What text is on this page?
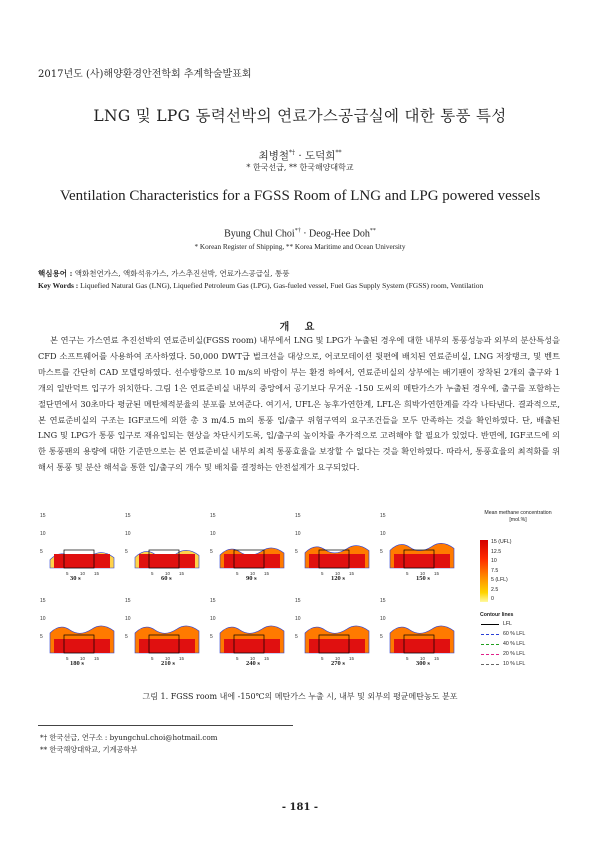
2017년도 (사)해양환경안전학회 추계학술발표회
LNG 및 LPG 동력선박의 연료가스공급실에 대한 통풍 특성
최병철*† · 도덕희**
* 한국선급, ** 한국해양대학교
Ventilation Characteristics for a FGSS Room of LNG and LPG powered vessels
Byung Chul Choi*† · Deog-Hee Doh**
* Korean Register of Shipping, ** Korea Maritime and Ocean University
핵심용어 : 액화천연가스, 액화석유가스, 가스추진선박, 연료가스공급실, 통풍
Key Words : Liquefied Natural Gas (LNG), Liquefied Petroleum Gas (LPG), Gas-fueled vessel, Fuel Gas Supply System (FGSS) room, Ventilation
개 요
본 연구는 가스연료 추진선박의 연료준비실(FGSS room) 내부에서 LNG 및 LPG가 누출된 경우에 대한 내부의 통풍성능과 외부의 분산특성을 CFD 소프트웨어를 사용하여 조사하였다. 50,000 DWT급 벌크선을 대상으로, 어코모데이션 뒷편에 배치된 연료준비실, LNG 저장탱크, 및 벤트마스트를 간단히 CAD 모델링하였다. 선수방향으로 10 m/s의 바람이 부는 환경 하에서, 연료준비실의 상부에는 배기팬이 장착된 2개의 출구와 1개의 일반덕트 입구가 위치한다. 그림 1은 연료준비실 내부의 중앙에서 공기보다 무거운 -150 도씨의 메탄가스가 누출된 경우에, 출구를 포함하는 절단면에서 30초마다 평균된 메탄체적분율의 분포를 보여준다. 여기서, UFL은 농후가연한계, LFL은 희박가연한계를 각각 나타낸다. 결과적으로, 본 연료준비실의 구조는 IGF코드에 의한 총 3 m/4.5 m의 통풍 입/출구 위험구역의 요구조건들을 모두 만족하는 것을 확인하였다. 단, 배출된 LNG 및 LPG가 통풍 입구로 재유입되는 현상을 차단시키도록, 입/출구의 높이차를 추가적으로 고려해야 할 필요가 있었다. 반면에, IGF코드에 의한 통풍팬의 용량에 대한 기준만으로는 본 연료준비실 내부의 최적 통풍효율을 보장할 수 없다는 것을 확인하였다. 따라서, 통풍효율의 최적화를 위해서 통풍 및 분산 해석을 통한 입/출구의 개수 및 배치를 결정하는 안전설계가 요구되었다.
15
10
5
5	10 15
30 s
15
10
5
5	10 15
60 s
15
10
5
5	10 15
90 s
15
10
5
5	10 15
120 s
15
10
5
5	10 15
150 s
15
10
5
5	10 15
180 s
15
10
5
5	10 15
210 s
15
10
5
5	10 15
240 s
15
10
5
5	10 15
270 s
15
10
5
5	10 15
300 s
Mean methane concentration [mol.%]
15 (UFL)
12.5
10
7.5
5 (LFL)
2.5
0
Contour lines
LFL
60 % LFL
40 % LFL
20 % LFL
10 % LFL
그림 1. FGSS room 내에 -150℃의 메탄가스 누출 시, 내부 및 외부의 평균메탄농도 분포
*† 한국선급, 연구소 : byungchul.choi@hotmail.com
** 한국해양대학교, 기계공학부
- 181 -
